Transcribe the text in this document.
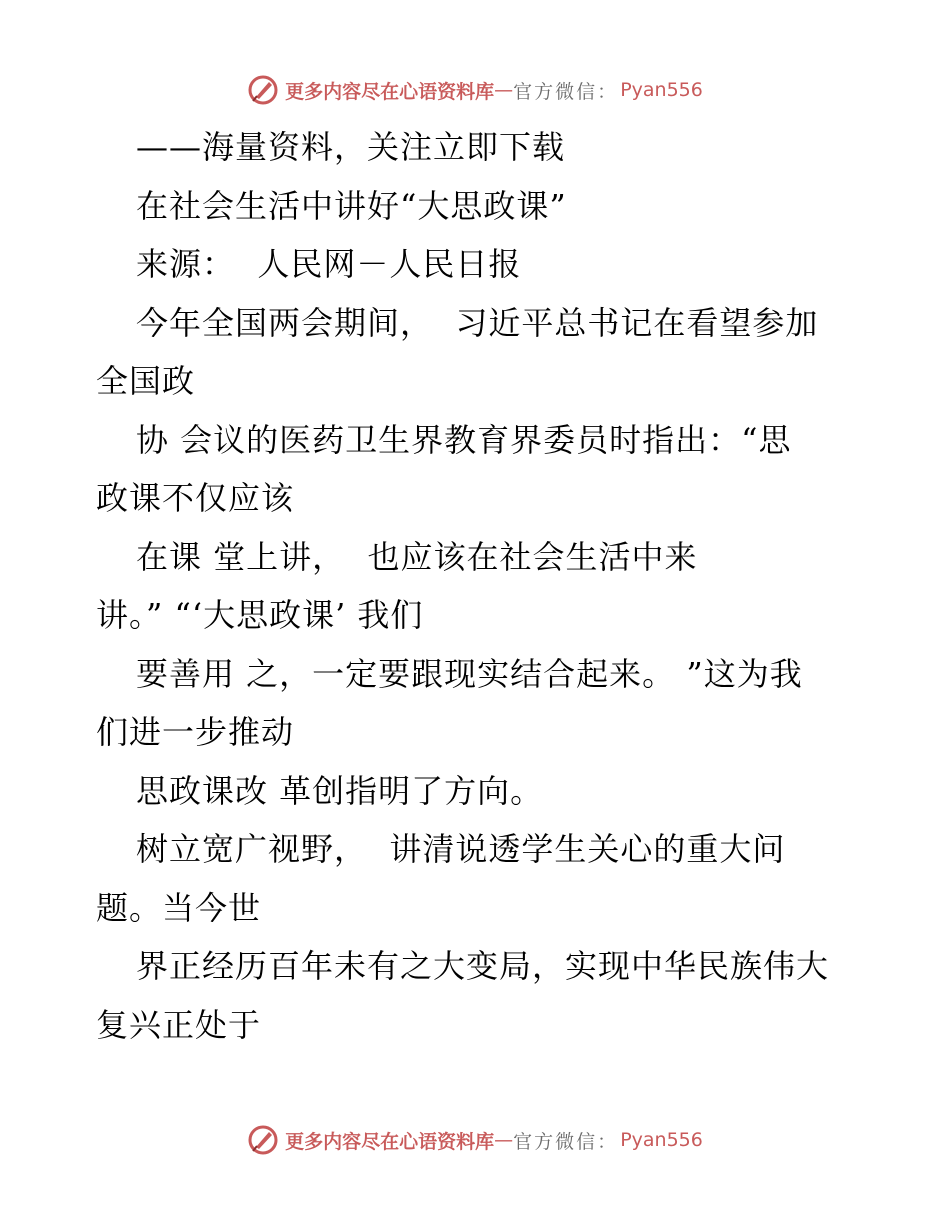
更多内容尽在心语资料库 — 官方微信： Pyan556
——海量资料，关注立即下载
在社会生活中讲好“大思政课”
来源：  人民网－人民日报
今年全国两会期间，  习近平总书记在看望参加
全国政
协 会议的医药卫生界教育界委员时指出：“思
政课不仅应该
在课 堂上讲，  也应该在社会生活中来
讲。” “‘大思政课’ 我们
要善用 之，一定要跟现实结合起来。 ”这为我
们进一步推动
思政课改 革创指明了方向。
树立宽广视野，  讲清说透学生关心的重大问
题。当今世
界正经历百年未有之大变局，实现中华民族伟大
复兴正处于
更多内容尽在心语资料库 — 官方微信： Pyan556
